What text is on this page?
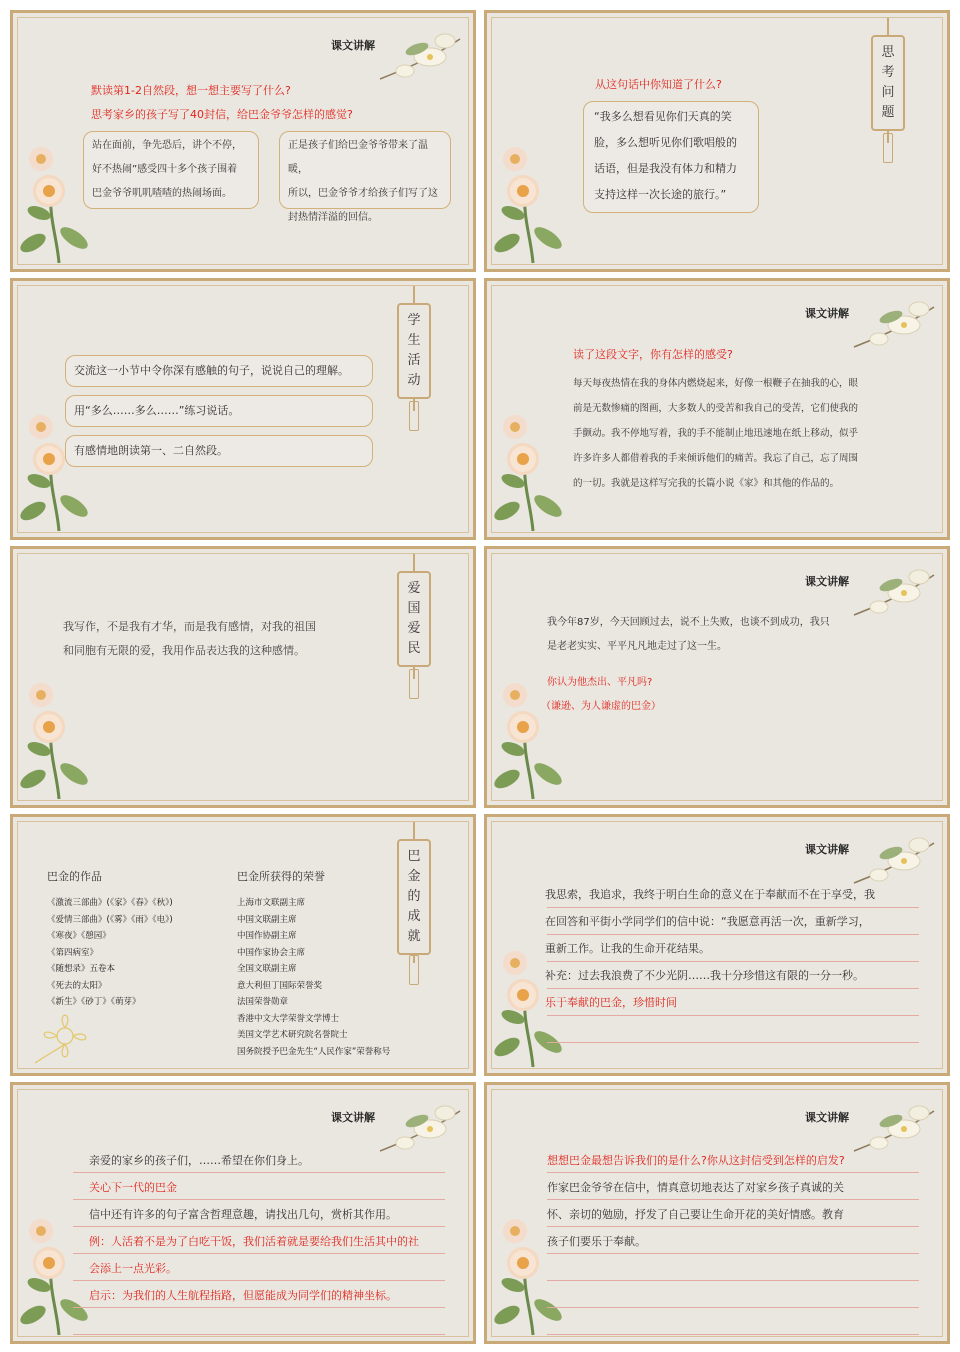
课文讲解
默读第1-2自然段，想一想主要写了什么?
思考家乡的孩子写了40封信，给巴金爷爷怎样的感觉?
站在面前，争先恐后，讲个不停，
好不热闹”感受四十多个孩子围着
巴金爷爷叽叽喳喳的热闹场面。
正是孩子们给巴金爷爷带来了温暖，
所以，巴金爷爷才给孩子们写了这
封热情洋溢的回信。
思
考
问
题
从这句话中你知道了什么?
“我多么想看见你们天真的笑
脸，多么想听见你们歌唱般的
话语，但是我没有体力和精力
支持这样一次长途的旅行。”
学
生
活
动
交流这一小节中令你深有感触的句子，说说自己的理解。
用“多么……多么……”练习说话。
有感情地朗读第一、二自然段。
课文讲解
读了这段文字，你有怎样的感受?
每天每夜热情在我的身体内燃烧起来，好像一根鞭子在抽我的心，眼
前是无数惨痛的图画，大多数人的受苦和我自己的受苦，它们使我的
手颤动。我不停地写着，我的手不能制止地迅速地在纸上移动，似乎
许多许多人都借着我的手来倾诉他们的痛苦。我忘了自己，忘了周围
的一切。我就是这样写完我的长篇小说《家》和其他的作品的。
爱
国
爱
民
我写作，不是我有才华，而是我有感情，对我的祖国
和同胞有无限的爱，我用作品表达我的这种感情。
课文讲解
我今年87岁，今天回顾过去，说不上失败，也谈不到成功，我只
是老老实实、平平凡凡地走过了这一生。
你认为他杰出、平凡吗?
（谦逊、为人谦虚的巴金）
巴
金
的
成
就
巴金的作品
《激流三部曲》(《家》《春》《秋》)
《爱情三部曲》(《雾》《雨》《电》)
《寒夜》《憩园》
《第四病室》
《随想录》五卷本
《死去的太阳》
《新生》《砂丁》《萌芽》
巴金所获得的荣誉
上海市文联副主席
中国文联副主席
中国作协副主席
中国作家协会主席
全国文联副主席
意大利但丁国际荣誉奖
法国荣誉勋章
香港中文大学荣誉文学博士
美国文学艺术研究院名誉院士
国务院授予巴金先生“人民作家”荣誉称号
课文讲解
我思索，我追求，我终于明白生命的意义在于奉献而不在于享受，我
在回答和平街小学同学们的信中说：“我愿意再活一次，重新学习，
重新工作。让我的生命开花结果。
补充：过去我浪费了不少光阴……我十分珍惜这有限的一分一秒。
乐于奉献的巴金，珍惜时间
课文讲解
亲爱的家乡的孩子们，……希望在你们身上。
关心下一代的巴金
信中还有许多的句子富含哲理意趣，请找出几句，赏析其作用。
例：人活着不是为了白吃干饭，我们活着就是要给我们生活其中的社
会添上一点光彩。
启示：为我们的人生航程指路，但愿能成为同学们的精神坐标。
课文讲解
想想巴金最想告诉我们的是什么?你从这封信受到怎样的启发?
作家巴金爷爷在信中，情真意切地表达了对家乡孩子真诚的关
怀、亲切的勉励，抒发了自己要让生命开花的美好情感。教育
孩子们要乐于奉献。
